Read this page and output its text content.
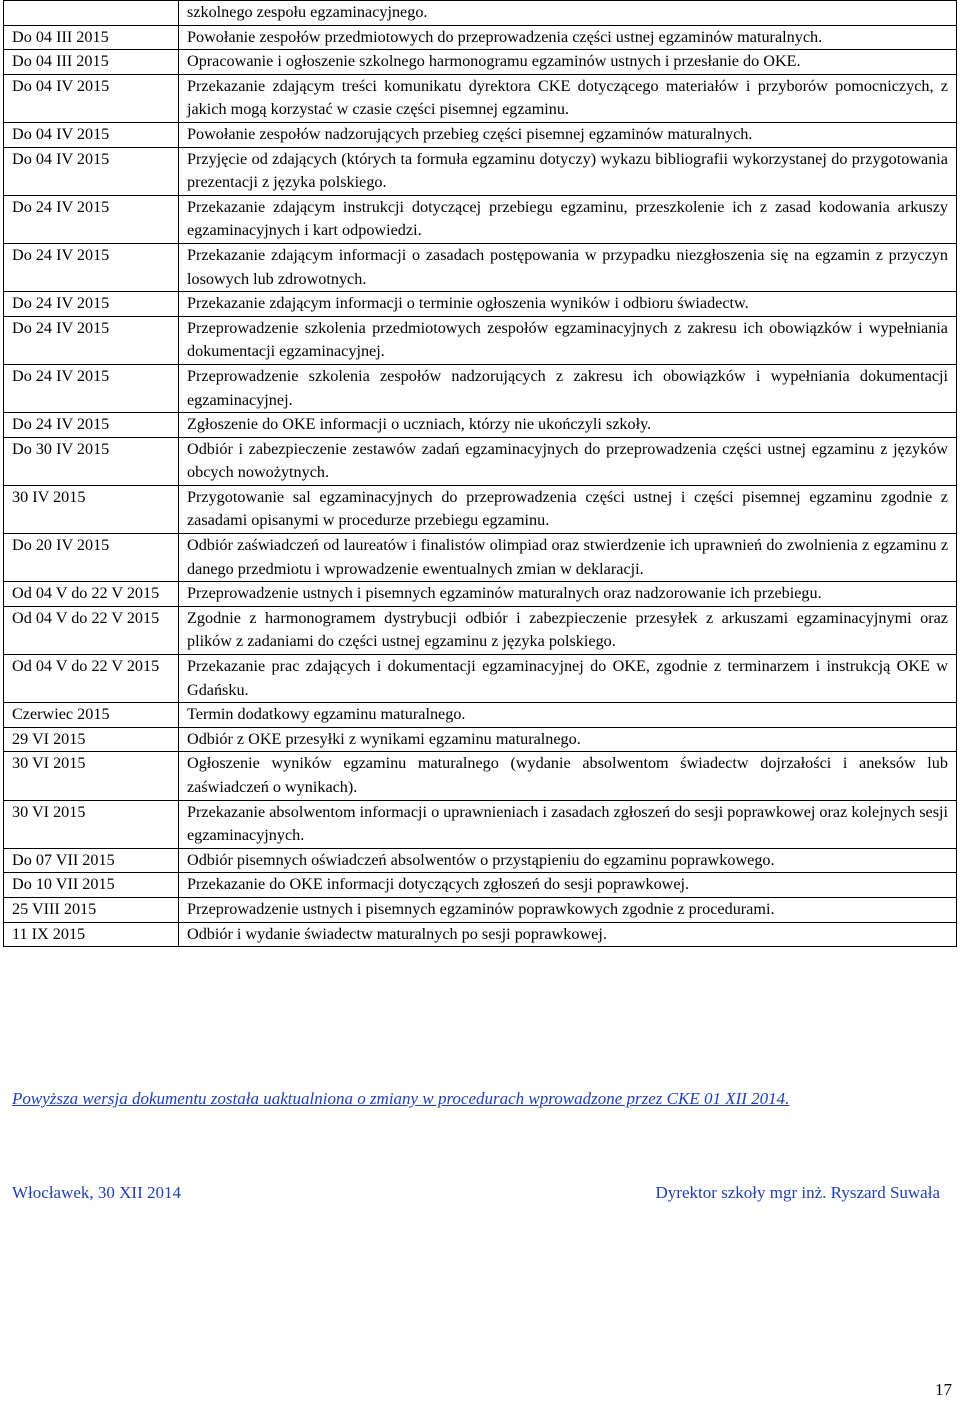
	szkolnego zespołu egzaminacyjnego.
Do 04 III 2015	Powołanie zespołów przedmiotowych do przeprowadzenia części ustnej egzaminów maturalnych.
Do 04 III 2015	Opracowanie i ogłoszenie szkolnego harmonogramu egzaminów ustnych i przesłanie do OKE.
Do 04 IV 2015	Przekazanie zdającym treści komunikatu dyrektora CKE dotyczącego materiałów i przyborów pomocniczych, z jakich mogą korzystać w czasie części pisemnej egzaminu.
Do 04 IV 2015	Powołanie zespołów nadzorujących przebieg części pisemnej egzaminów maturalnych.
Do 04 IV 2015	Przyjęcie od zdających (których ta formuła egzaminu dotyczy) wykazu bibliografii wykorzystanej do przygotowania prezentacji z języka polskiego.
Do 24 IV 2015	Przekazanie zdającym instrukcji dotyczącej przebiegu egzaminu, przeszkolenie ich z zasad kodowania arkuszy egzaminacyjnych i kart odpowiedzi.
Do 24 IV 2015	Przekazanie zdającym informacji o zasadach postępowania w przypadku niezgłoszenia się na egzamin z przyczyn losowych lub zdrowotnych.
Do 24 IV 2015	Przekazanie zdającym informacji o terminie ogłoszenia wyników i odbioru świadectw.
Do 24 IV 2015	Przeprowadzenie szkolenia przedmiotowych zespołów egzaminacyjnych z zakresu ich obowiązków i wypełniania dokumentacji egzaminacyjnej.
Do 24 IV 2015	Przeprowadzenie szkolenia zespołów nadzorujących z zakresu ich obowiązków i wypełniania dokumentacji egzaminacyjnej.
Do 24 IV 2015	Zgłoszenie do OKE informacji o uczniach, którzy nie ukończyli szkoły.
Do 30 IV 2015	Odbiór i zabezpieczenie zestawów zadań egzaminacyjnych do przeprowadzenia części ustnej egzaminu z języków obcych nowożytnych.
30 IV 2015	Przygotowanie sal egzaminacyjnych do przeprowadzenia części ustnej i części pisemnej egzaminu zgodnie z zasadami opisanymi w procedurze przebiegu egzaminu.
Do 20 IV 2015	Odbiór zaświadczeń od laureatów i finalistów olimpiad oraz stwierdzenie ich uprawnień do zwolnienia z egzaminu z danego przedmiotu i wprowadzenie ewentualnych zmian w deklaracji.
Od 04 V do 22 V 2015	Przeprowadzenie ustnych i pisemnych egzaminów maturalnych oraz nadzorowanie ich przebiegu.
Od 04 V do 22 V 2015	Zgodnie z harmonogramem dystrybucji odbiór i zabezpieczenie przesyłek z arkuszami egzaminacyjnymi oraz plików z zadaniami do części ustnej egzaminu z języka polskiego.
Od 04 V do 22 V 2015	Przekazanie prac zdających i dokumentacji egzaminacyjnej do OKE, zgodnie z terminarzem i instrukcją OKE w Gdańsku.
Czerwiec 2015	Termin dodatkowy egzaminu maturalnego.
29 VI 2015	Odbiór z OKE przesyłki z wynikami egzaminu maturalnego.
30 VI 2015	Ogłoszenie wyników egzaminu maturalnego (wydanie absolwentom świadectw dojrzałości i aneksów lub zaświadczeń o wynikach).
30 VI 2015	Przekazanie absolwentom informacji o uprawnieniach i zasadach zgłoszeń do sesji poprawkowej oraz kolejnych sesji egzaminacyjnych.
Do 07 VII 2015	Odbiór pisemnych oświadczeń absolwentów o przystąpieniu do egzaminu poprawkowego.
Do 10 VII 2015	Przekazanie do OKE informacji dotyczących zgłoszeń do sesji poprawkowej.
25 VIII 2015	Przeprowadzenie ustnych i pisemnych egzaminów poprawkowych zgodnie z procedurami.
11 IX 2015	Odbiór i wydanie świadectw maturalnych po sesji poprawkowej.
Powyższa wersja dokumentu została uaktualniona o zmiany w procedurach wprowadzone przez CKE 01 XII 2014.
Włocławek, 30 XII 2014	Dyrektor szkoły mgr inż. Ryszard Suwała
17
